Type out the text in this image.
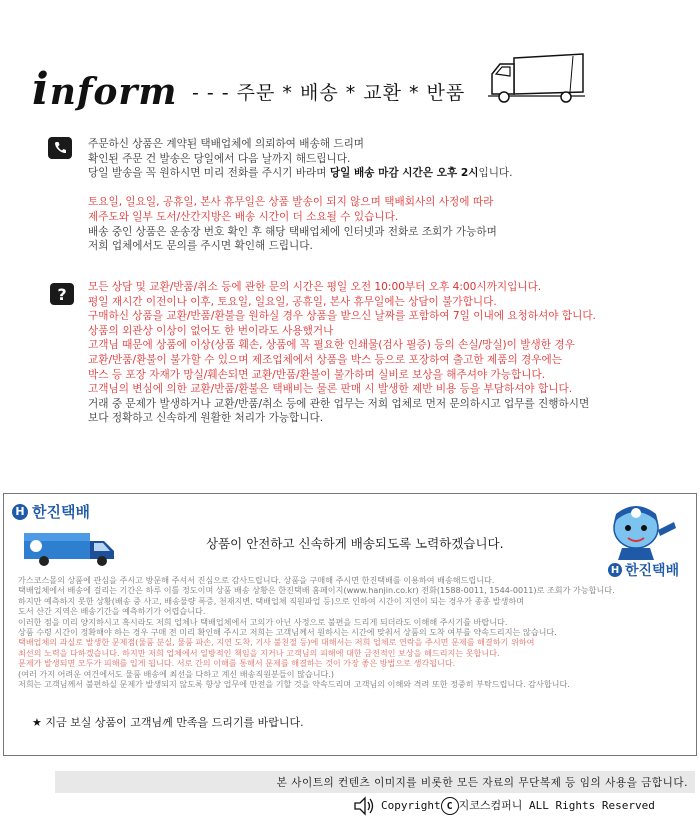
inform - - - 주문 * 배송 * 교환 * 반품

주문하신 상품은 계약된 택배업체에 의뢰하여 배송해 드리며

확인된 주문 건 발송은 당일에서 다음 날까지 해드립니다.

당일 발송을 꼭 원하시면 미리 전화를 주시기 바라며 당일 배송 마감 시간은 오후 2시입니다.

토요일, 일요일, 공휴일, 본사 휴무일은 상품 발송이 되지 않으며 택배회사의 사정에 따라

제주도와 일부 도서/산간지방은 배송 시간이 더 소요될 수 있습니다.

배송 중인 상품은 운송장 번호 확인 후 해당 택배업체에 인터넷과 전화로 조회가 가능하며

저희 업체에서도 문의를 주시면 확인해 드립니다.

?	모든 상담 및 교환/반품/취소 등에 관한 문의 시간은 평일 오전 10:00부터 오후 4:00시까지입니다.

평일 재시간 이전이나 이후, 토요일, 일요일, 공휴일, 본사 휴무일에는 상담이 불가합니다.

구매하신 상품을 교환/반품/환불을 원하실 경우 상품을 받으신 날짜를 포함하여 7일 이내에 요청하셔야 합니다.

상품의 외관상 이상이 없어도 한 번이라도 사용했거나

고객님 때문에 상품에 이상(상품 훼손, 상품에 꼭 필요한 인쇄물(검사 필증) 등의 손실/망실)이 발생한 경우

교환/반품/환불이 불가할 수 있으며 제조업체에서 상품을 박스 등으로 포장하여 출고한 제품의 경우에는

박스 등 포장 자재가 망실/훼손되면 교환/반품/환불이 불가하며 실비로 보상을 해주셔야 가능합니다.

고객님의 변심에 의한 교환/반품/환불은 택배비는 물론 판매 시 발생한 제반 비용 등을 부담하셔야 합니다.

거래 중 문제가 발생하거나 교환/반품/취소 등에 관한 업무는 저희 업체로 먼저 문의하시고 업무를 진행하시면

보다 정확하고 신속하게 원활한 처리가 가능합니다.

H 한진택배
상품이 안전하고 신속하게 배송되도록 노력하겠습니다.
H 한진택배

가스코스몰의 상품에 관심을 주시고 방문해 주셔서 진심으로 감사드립니다. 상품을 구매해 주시면 한진택배를 이용하여 배송해드립니다.

택배업체에서 배송에 걸리는 기간은 하루 이틀 정도이며 상품 배송 상황은 한진택배 홈페이지(www.hanjin.co.kr) 전화(1588-0011, 1544-0011)로 조회가 가능합니다.

하지만 예측하지 못한 상황(배송 중 사고, 배송물량 폭증, 천재지변, 택배업체 직원파업 등)으로 인하여 시간이 지연이 되는 경우가 종종 발생하며

도서 산간 지역은 배송기간을 예측하기가 어렵습니다.

이러한 점을 미리 양지하시고 혹시라도 저희 업체나 택배업체에서 고의가 아닌 사정으로 불편을 드리게 되더라도 이해해 주시기를 바랍니다.

상품 수령 시간이 정확해야 하는 경우 구매 전 미리 확인해 주시고 저희는 고객님께서 원하시는 시간에 맞춰서 상품의 도착 여부를 약속드리지는 않습니다.

택배업체의 과실로 발생한 문제점(물품 분실, 물품 파손, 지연 도착, 기사 불친절 등)에 대해서는 저희 업체로 연락을 주시면 문제를 해결하기 위하여

최선의 노력을 다하겠습니다. 하지만 저희 업체에서 일방적인 책임을 지거나 고객님의 피해에 대한 금전적인 보상을 해드리지는 못합니다.

문제가 발생되면 모두가 피해를 입게 됩니다. 서로 간의 이해를 통해서 문제를 해결하는 것이 가장 좋은 방법으로 생각됩니다.

(여러 가지 어려운 여건에서도 물품 배송에 최선을 다하고 계신 배송직원분들이 많습니다.)

저희는 고객님께서 불편하실 문제가 발생되지 않도록 항상 업무에 만전을 기할 것을 약속드리며 고객님의 이해와 격려 또한 정중히 부탁드립니다. 감사합니다.

★ 지금 보실 상품이 고객님께 만족을 드리기를 바랍니다.
본 사이트의 컨텐츠 이미지를 비롯한 모든 자료의 무단복제 등 임의 사용을 금합니다.
Copyright C 지코스컴퍼니 ALL Rights Reserved
